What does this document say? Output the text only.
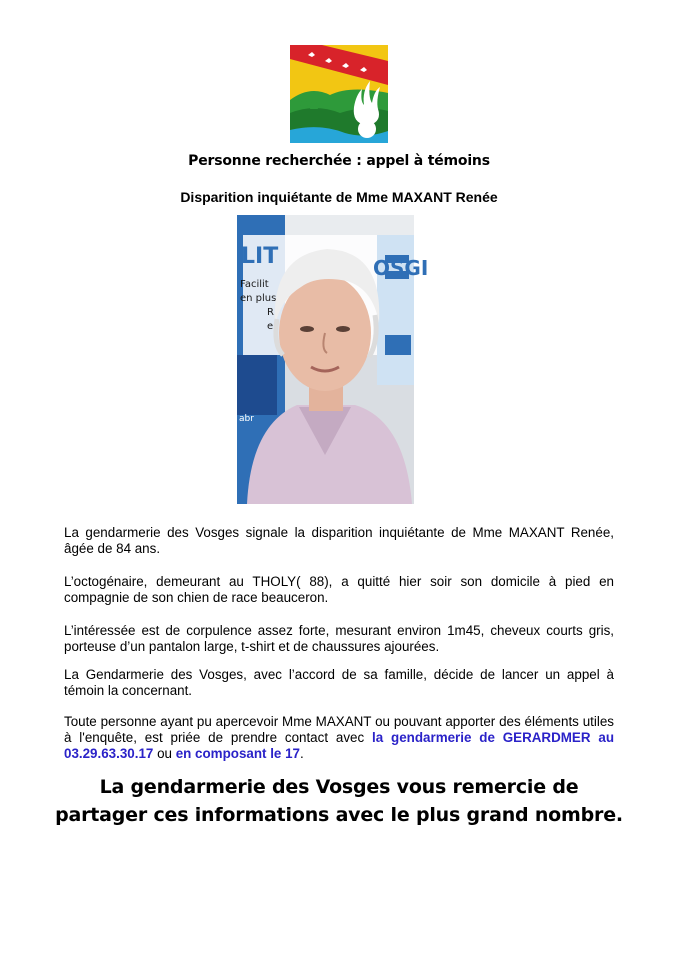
Personne recherchée : appel à témoins
Disparition inquiétante de Mme MAXANT Renée
LIT	OSGI
Facilit
en plus
R
e
abr
La gendarmerie des Vosges signale la disparition inquiétante de Mme MAXANT Renée, âgée de 84 ans.
L’octogénaire, demeurant au THOLY( 88), a quitté hier soir son domicile à pied en compagnie de son chien de race beauceron.
L’intéressée est de corpulence assez forte, mesurant environ 1m45, cheveux courts gris, porteuse d’un pantalon large, t-shirt et de chaussures ajourées.
La Gendarmerie des Vosges, avec l’accord de sa famille, décide de lancer un appel à témoin la concernant.
Toute personne ayant pu apercevoir Mme MAXANT ou pouvant apporter des éléments utiles à l'enquête, est priée de prendre contact avec la gendarmerie de GERARDMER au 03.29.63.30.17 ou en composant le 17.
La gendarmerie des Vosges vous remercie de
partager ces informations avec le plus grand nombre.
